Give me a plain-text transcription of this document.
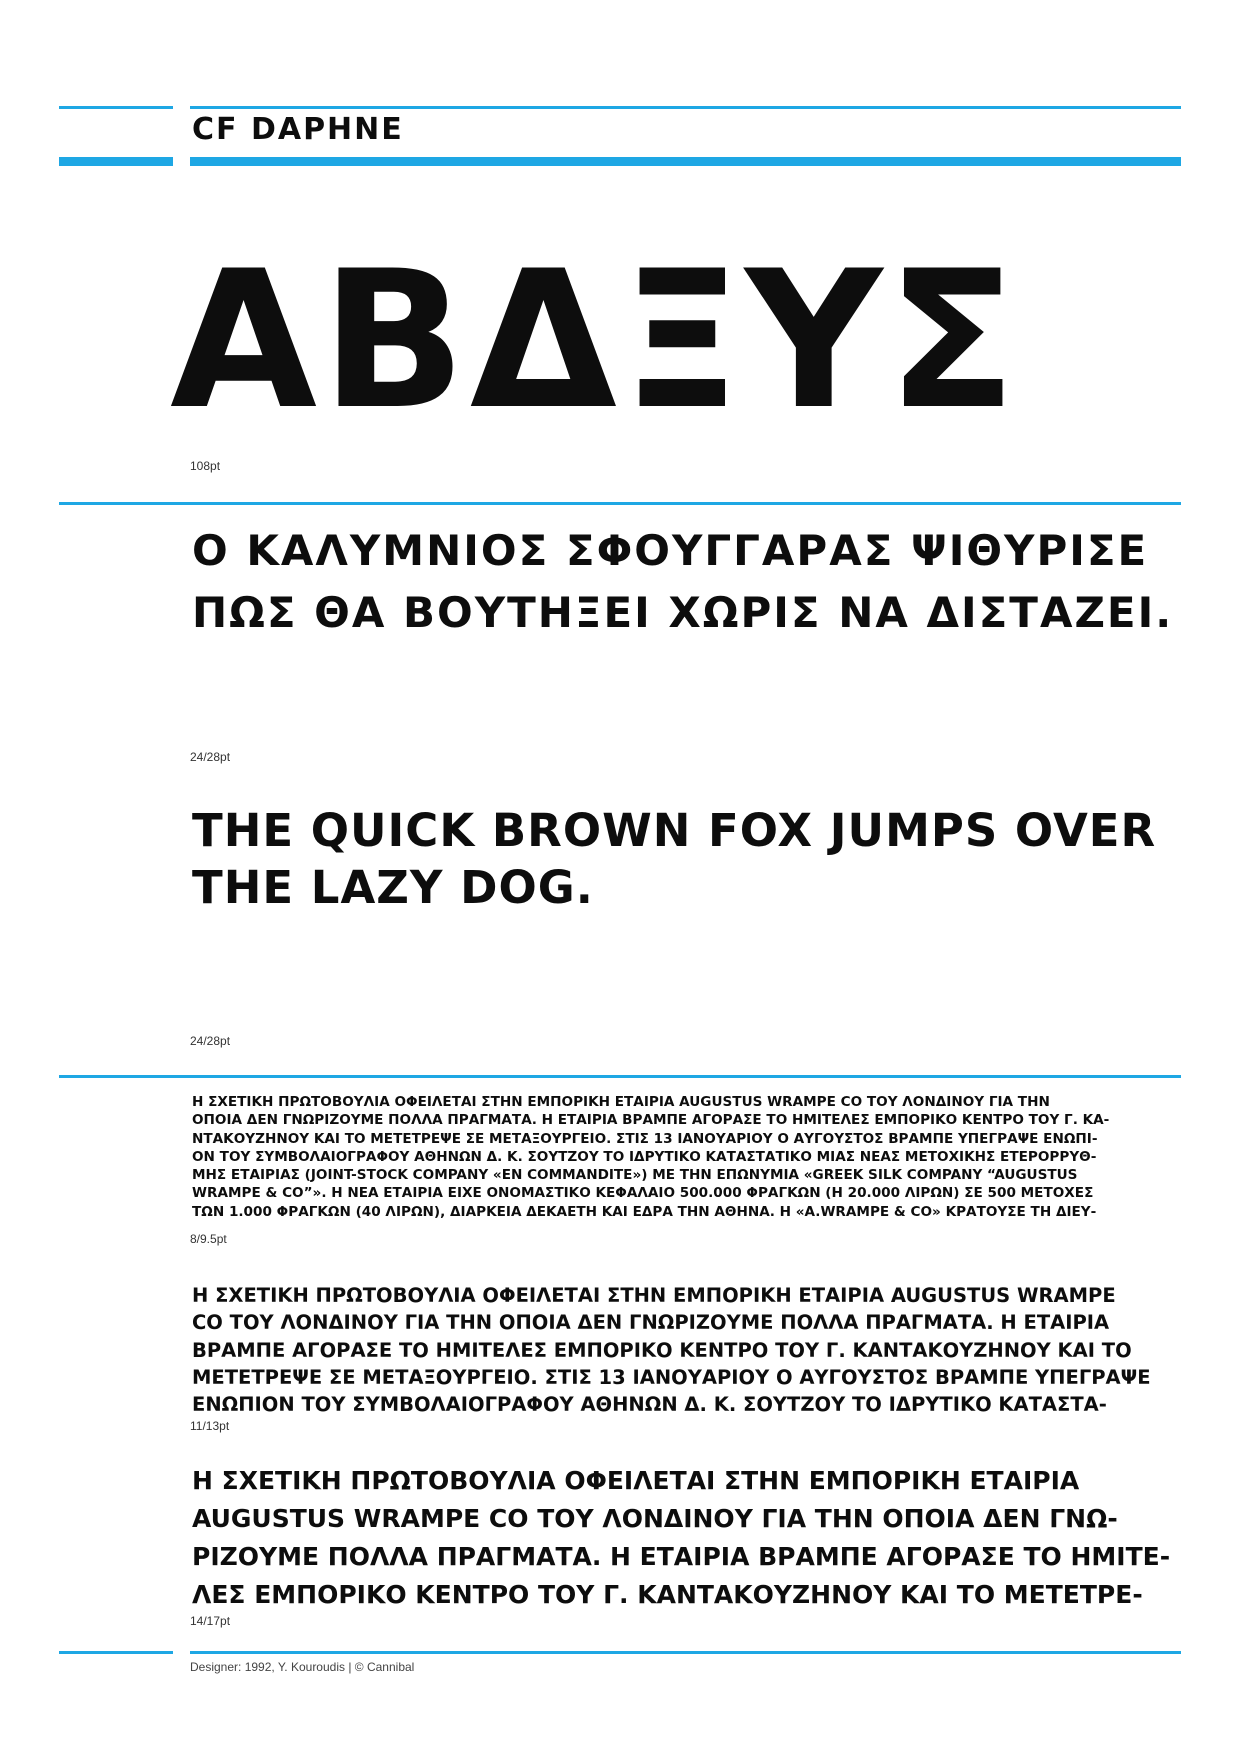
CF DAPHNE
ΑΒΔΞΥΣ
108pt
Ο ΚΑΛΥΜΝΙΟΣ ΣΦΟΥΓΓΑΡΑΣ ΨΙΘΥΡΙΣΕ
ΠΩΣ ΘΑ ΒΟΥΤΗΞΕΙ ΧΩΡΙΣ ΝΑ ΔΙΣΤΑΖΕΙ.
24/28pt
THE QUICK BROWN FOX JUMPS OVER
THE LAZY DOG.
24/28pt
Η ΣΧΕΤΙΚΗ ΠΡΩΤΟΒΟΥΛΙΑ ΟΦΕΙΛΕΤΑΙ ΣΤΗΝ ΕΜΠΟΡΙΚΗ ΕΤΑΙΡΙΑ AUGUSTUS WRAMPE CO ΤΟΥ ΛΟΝΔΙΝΟΥ ΓΙΑ ΤΗΝ
ΟΠΟΙΑ ΔΕΝ ΓΝΩΡΙΖΟΥΜΕ ΠΟΛΛΑ ΠΡΑΓΜΑΤΑ. Η ΕΤΑΙΡΙΑ ΒΡΑΜΠΕ ΑΓΟΡΑΣΕ ΤΟ ΗΜΙΤΕΛΕΣ ΕΜΠΟΡΙΚΟ ΚΕΝΤΡΟ ΤΟΥ Γ. ΚΑ-
ΝΤΑΚΟΥΖΗΝΟΥ ΚΑΙ ΤΟ ΜΕΤΕΤΡΕΨΕ ΣΕ ΜΕΤΑΞΟΥΡΓΕΙΟ. ΣΤΙΣ 13 ΙΑΝΟΥΑΡΙΟΥ Ο ΑΥΓΟΥΣΤΟΣ ΒΡΑΜΠΕ ΥΠΕΓΡΑΨΕ ΕΝΩΠΙ-
ΟΝ ΤΟΥ ΣΥΜΒΟΛΑΙΟΓΡΑΦΟΥ ΑΘΗΝΩΝ Δ. Κ. ΣΟΥΤΖΟΥ ΤΟ ΙΔΡΥΤΙΚΟ ΚΑΤΑΣΤΑΤΙΚΟ ΜΙΑΣ ΝΕΑΣ ΜΕΤΟΧΙΚΗΣ ΕΤΕΡΟΡΡΥΘ-
ΜΗΣ ΕΤΑΙΡΙΑΣ (JOINT-STOCK COMPANY «EN COMMANDITE») ΜΕ ΤΗΝ ΕΠΩΝΥΜΙΑ «GREEK SILK COMPANY “AUGUSTUS
WRAMPE & CO”». Η ΝΕΑ ΕΤΑΙΡΙΑ ΕΙΧΕ ΟΝΟΜΑΣΤΙΚΟ ΚΕΦΑΛΑΙΟ 500.000 ΦΡΑΓΚΩΝ (Η 20.000 ΛΙΡΩΝ) ΣΕ 500 ΜΕΤΟΧΕΣ
ΤΩΝ 1.000 ΦΡΑΓΚΩΝ (40 ΛΙΡΩΝ), ΔΙΑΡΚΕΙΑ ΔΕΚΑΕΤΗ ΚΑΙ ΕΔΡΑ ΤΗΝ ΑΘΗΝΑ. Η «A.WRAMPE & CO» ΚΡΑΤΟΥΣΕ ΤΗ ΔΙΕΥ-
8/9.5pt
Η ΣΧΕΤΙΚΗ ΠΡΩΤΟΒΟΥΛΙΑ ΟΦΕΙΛΕΤΑΙ ΣΤΗΝ ΕΜΠΟΡΙΚΗ ΕΤΑΙΡΙΑ AUGUSTUS WRAMPE
CO ΤΟΥ ΛΟΝΔΙΝΟΥ ΓΙΑ ΤΗΝ ΟΠΟΙΑ ΔΕΝ ΓΝΩΡΙΖΟΥΜΕ ΠΟΛΛΑ ΠΡΑΓΜΑΤΑ. Η ΕΤΑΙΡΙΑ
ΒΡΑΜΠΕ ΑΓΟΡΑΣΕ ΤΟ ΗΜΙΤΕΛΕΣ ΕΜΠΟΡΙΚΟ ΚΕΝΤΡΟ ΤΟΥ Γ. ΚΑΝΤΑΚΟΥΖΗΝΟΥ ΚΑΙ ΤΟ
ΜΕΤΕΤΡΕΨΕ ΣΕ ΜΕΤΑΞΟΥΡΓΕΙΟ. ΣΤΙΣ 13 ΙΑΝΟΥΑΡΙΟΥ Ο ΑΥΓΟΥΣΤΟΣ ΒΡΑΜΠΕ ΥΠΕΓΡΑΨΕ
ΕΝΩΠΙΟΝ ΤΟΥ ΣΥΜΒΟΛΑΙΟΓΡΑΦΟΥ ΑΘΗΝΩΝ Δ. Κ. ΣΟΥΤΖΟΥ ΤΟ ΙΔΡΥΤΙΚΟ ΚΑΤΑΣΤΑ-
11/13pt
Η ΣΧΕΤΙΚΗ ΠΡΩΤΟΒΟΥΛΙΑ ΟΦΕΙΛΕΤΑΙ ΣΤΗΝ ΕΜΠΟΡΙΚΗ ΕΤΑΙΡΙΑ
AUGUSTUS WRAMPE CO ΤΟΥ ΛΟΝΔΙΝΟΥ ΓΙΑ ΤΗΝ ΟΠΟΙΑ ΔΕΝ ΓΝΩ-
ΡΙΖΟΥΜΕ ΠΟΛΛΑ ΠΡΑΓΜΑΤΑ. Η ΕΤΑΙΡΙΑ ΒΡΑΜΠΕ ΑΓΟΡΑΣΕ ΤΟ ΗΜΙΤΕ-
ΛΕΣ ΕΜΠΟΡΙΚΟ ΚΕΝΤΡΟ ΤΟΥ Γ. ΚΑΝΤΑΚΟΥΖΗΝΟΥ ΚΑΙ ΤΟ ΜΕΤΕΤΡΕ-
14/17pt
Designer: 1992, Y. Kouroudis | © Cannibal
